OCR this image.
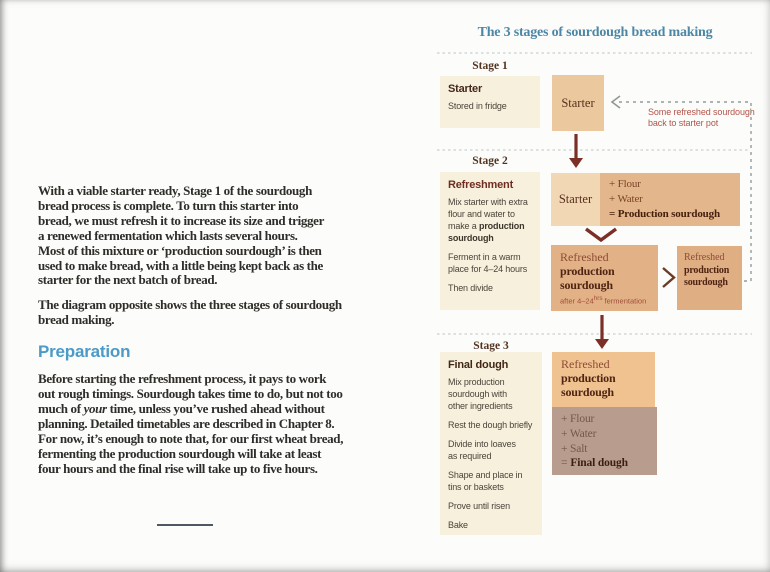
With a viable starter ready, Stage 1 of the sourdough
bread process is complete. To turn this starter into
bread, we must refresh it to increase its size and trigger
a renewed fermentation which lasts several hours.
Most of this mixture or ‘production sourdough’ is then
used to make bread, with a little being kept back as the
starter for the next batch of bread.
The diagram opposite shows the three stages of sourdough
bread making.
Preparation
Before starting the refreshment process, it pays to work
out rough timings. Sourdough takes time to do, but not too
much of your time, unless you’ve rushed ahead without
planning. Detailed timetables are described in Chapter 8.
For now, it’s enough to note that, for our first wheat bread,
fermenting the production sourdough will take at least
four hours and the final rise will take up to five hours.
The 3 stages of sourdough bread making
Stage 1
Stage 2
Stage 3
Starter
Stored in fridge	Starter
Some refreshed sourdough
back to starter pot
Refreshment
Mix starter with extra
flour and water to
make a production
sourdough
Ferment in a warm
place for 4–24 hours
Then divide
Starter
+ Flour
+ Water
= Production sourdough
Refreshed
production
sourdough
after $4-24^{hrs}$ fermentation
Refreshed
production
sourdough
Final dough
Mix production
sourdough with
other ingredients
Rest the dough briefly
Divide into loaves
as required
Shape and place in
tins or baskets
Prove until risen
Bake
Refreshed
production
sourdough
+ Flour
+ Water
+ Salt
= Final dough
